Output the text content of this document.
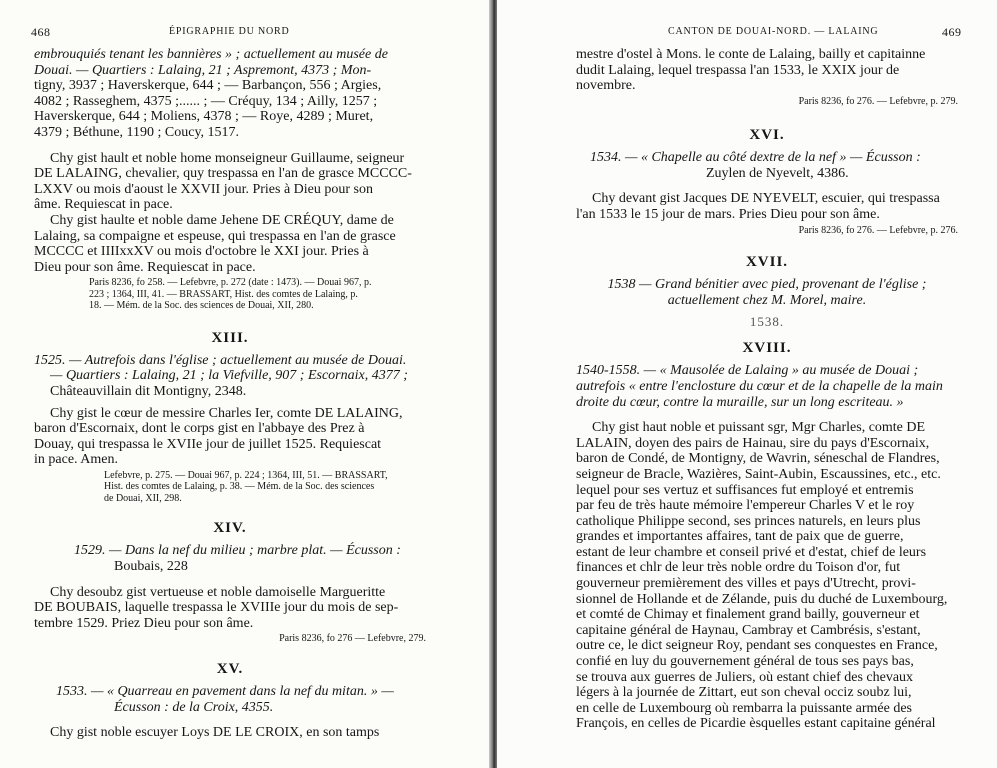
468	ÉPIGRAPHIE DU NORD
embrouquiés tenant les bannières » ; actuellement au musée de
Douai. — Quartiers : Lalaing, 21 ; Aspremont, 4373 ; Mon-
tigny, 3937 ; Haverskerque, 644 ; — Barbançon, 556 ; Argies,
4082 ; Rasseghem, 4375 ;...... ; — Créquy, 134 ; Ailly, 1257 ;
Haverskerque, 644 ; Moliens, 4378 ; — Roye, 4289 ; Muret,
4379 ; Béthune, 1190 ; Coucy, 1517.
Chy gist hault et noble home monseigneur Guillaume, seigneur
DE LALAING, chevalier, quy trespassa en l'an de grasce MCCCC-
LXXV ou mois d'aoust le XXVII jour. Pries à Dieu pour son
âme. Requiescat in pace.
Chy gist haulte et noble dame Jehene DE CRÉQUY, dame de
Lalaing, sa compaigne et espeuse, qui trespassa en l'an de grasce
MCCCC et IIIIxxXV ou mois d'octobre le XXI jour. Pries à
Dieu pour son âme. Requiescat in pace.
Paris 8236, fo 258. — Lefebvre, p. 272 (date : 1473). — Douai 967, p.
223 ; 1364, III, 41. — BRASSART, Hist. des comtes de Lalaing, p.
18. — Mém. de la Soc. des sciences de Douai, XII, 280.
XIII.
1525. — Autrefois dans l'église ; actuellement au musée de Douai.
— Quartiers : Lalaing, 21 ; la Viefville, 907 ; Escornaix, 4377 ;
Châteauvillain dit Montigny, 2348.
Chy gist le cœur de messire Charles Ier, comte DE LALAING,
baron d'Escornaix, dont le corps gist en l'abbaye des Prez à
Douay, qui trespassa le XVIIe jour de juillet 1525. Requiescat
in pace. Amen.
Lefebvre, p. 275. — Douai 967, p. 224 ; 1364, III, 51. — BRASSART,
Hist. des comtes de Lalaing, p. 38. — Mém. de la Soc. des sciences
de Douai, XII, 298.
XIV.
1529. — Dans la nef du milieu ; marbre plat. — Écusson :
Boubais, 228
Chy desoubz gist vertueuse et noble damoiselle Margueritte
DE BOUBAIS, laquelle trespassa le XVIIIe jour du mois de sep-
tembre 1529. Priez Dieu pour son âme.
Paris 8236, fo 276 — Lefebvre, 279.
XV.
1533. — « Quarreau en pavement dans la nef du mitan. » —
Écusson : de la Croix, 4355.
Chy gist noble escuyer Loys DE LE CROIX, en son tamps
CANTON DE DOUAI-NORD. — LALAING	469
mestre d'ostel à Mons. le conte de Lalaing, bailly et capitainne
dudit Lalaing, lequel trespassa l'an 1533, le XXIX jour de
novembre.
Paris 8236, fo 276. — Lefebvre, p. 279.
XVI.
1534. — « Chapelle au côté dextre de la nef » — Écusson :
Zuylen de Nyevelt, 4386.
Chy devant gist Jacques DE NYEVELT, escuier, qui trespassa
l'an 1533 le 15 jour de mars. Pries Dieu pour son âme.
Paris 8236, fo 276. — Lefebvre, p. 276.
XVII.
1538 — Grand bénitier avec pied, provenant de l'église ;
actuellement chez M. Morel, maire.
1538.
XVIII.
1540-1558. — « Mausolée de Lalaing » au musée de Douai ;
autrefois « entre l'enclosture du cœur et de la chapelle de la main
droite du cœur, contre la muraille, sur un long escriteau. »
Chy gist haut noble et puissant sgr, Mgr Charles, comte DE
LALAIN, doyen des pairs de Hainau, sire du pays d'Escornaix,
baron de Condé, de Montigny, de Wavrin, séneschal de Flandres,
seigneur de Bracle, Wazières, Saint-Aubin, Escaussines, etc., etc.
lequel pour ses vertuz et suffisances fut employé et entremis
par feu de très haute mémoire l'empereur Charles V et le roy
catholique Philippe second, ses princes naturels, en leurs plus
grandes et importantes affaires, tant de paix que de guerre,
estant de leur chambre et conseil privé et d'estat, chief de leurs
finances et chlr de leur très noble ordre du Toison d'or, fut
gouverneur premièrement des villes et pays d'Utrecht, provi-
sionnel de Hollande et de Zélande, puis du duché de Luxembourg,
et comté de Chimay et finalement grand bailly, gouverneur et
capitaine général de Haynau, Cambray et Cambrésis, s'estant,
outre ce, le dict seigneur Roy, pendant ses conquestes en France,
confié en luy du gouvernement général de tous ses pays bas,
se trouva aux guerres de Juliers, où estant chief des chevaux
légers à la journée de Zittart, eut son cheval occiz soubz lui,
en celle de Luxembourg où rembarra la puissante armée des
François, en celles de Picardie èsquelles estant capitaine général
